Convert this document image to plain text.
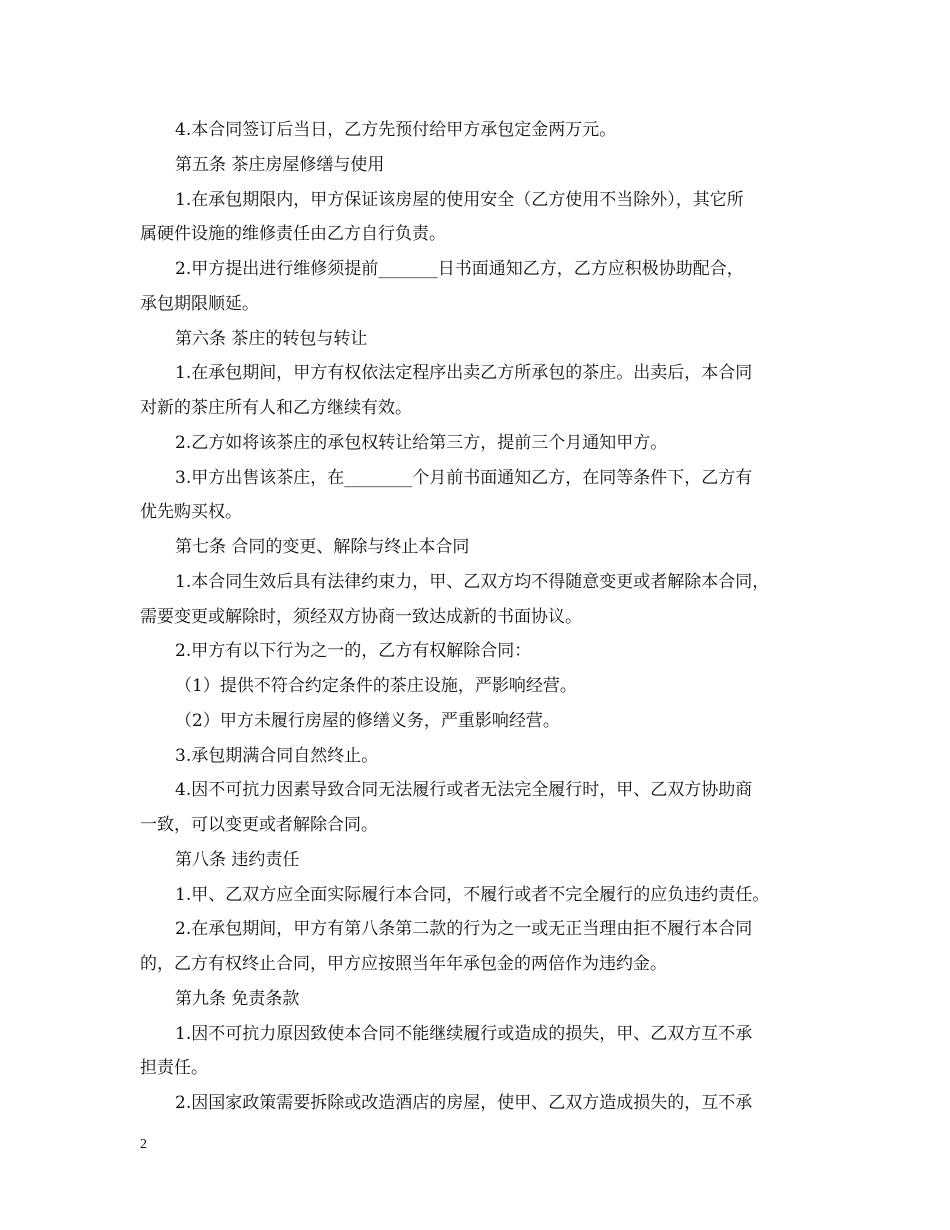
4.本合同签订后当日，乙方先预付给甲方承包定金两万元。
第五条 茶庄房屋修缮与使用
1.在承包期限内，甲方保证该房屋的使用安全（乙方使用不当除外），其它所
属硬件设施的维修责任由乙方自行负责。
2.甲方提出进行维修须提前_______日书面通知乙方，乙方应积极协助配合，
承包期限顺延。
第六条 茶庄的转包与转让
1.在承包期间，甲方有权依法定程序出卖乙方所承包的茶庄。出卖后，本合同
对新的茶庄所有人和乙方继续有效。
2.乙方如将该茶庄的承包权转让给第三方，提前三个月通知甲方。
3.甲方出售该茶庄，在________个月前书面通知乙方，在同等条件下，乙方有
优先购买权。
第七条 合同的变更、解除与终止本合同
1.本合同生效后具有法律约束力，甲、乙双方均不得随意变更或者解除本合同，
需要变更或解除时，须经双方协商一致达成新的书面协议。
2.甲方有以下行为之一的，乙方有权解除合同：
（1）提供不符合约定条件的茶庄设施，严影响经营。
（2）甲方未履行房屋的修缮义务，严重影响经营。
3.承包期满合同自然终止。
4.因不可抗力因素导致合同无法履行或者无法完全履行时，甲、乙双方协助商
一致，可以变更或者解除合同。
第八条 违约责任
1.甲、乙双方应全面实际履行本合同，不履行或者不完全履行的应负违约责任。
2.在承包期间，甲方有第八条第二款的行为之一或无正当理由拒不履行本合同
的，乙方有权终止合同，甲方应按照当年年承包金的两倍作为违约金。
第九条 免责条款
1.因不可抗力原因致使本合同不能继续履行或造成的损失，甲、乙双方互不承
担责任。
2.因国家政策需要拆除或改造酒店的房屋，使甲、乙双方造成损失的，互不承
2
